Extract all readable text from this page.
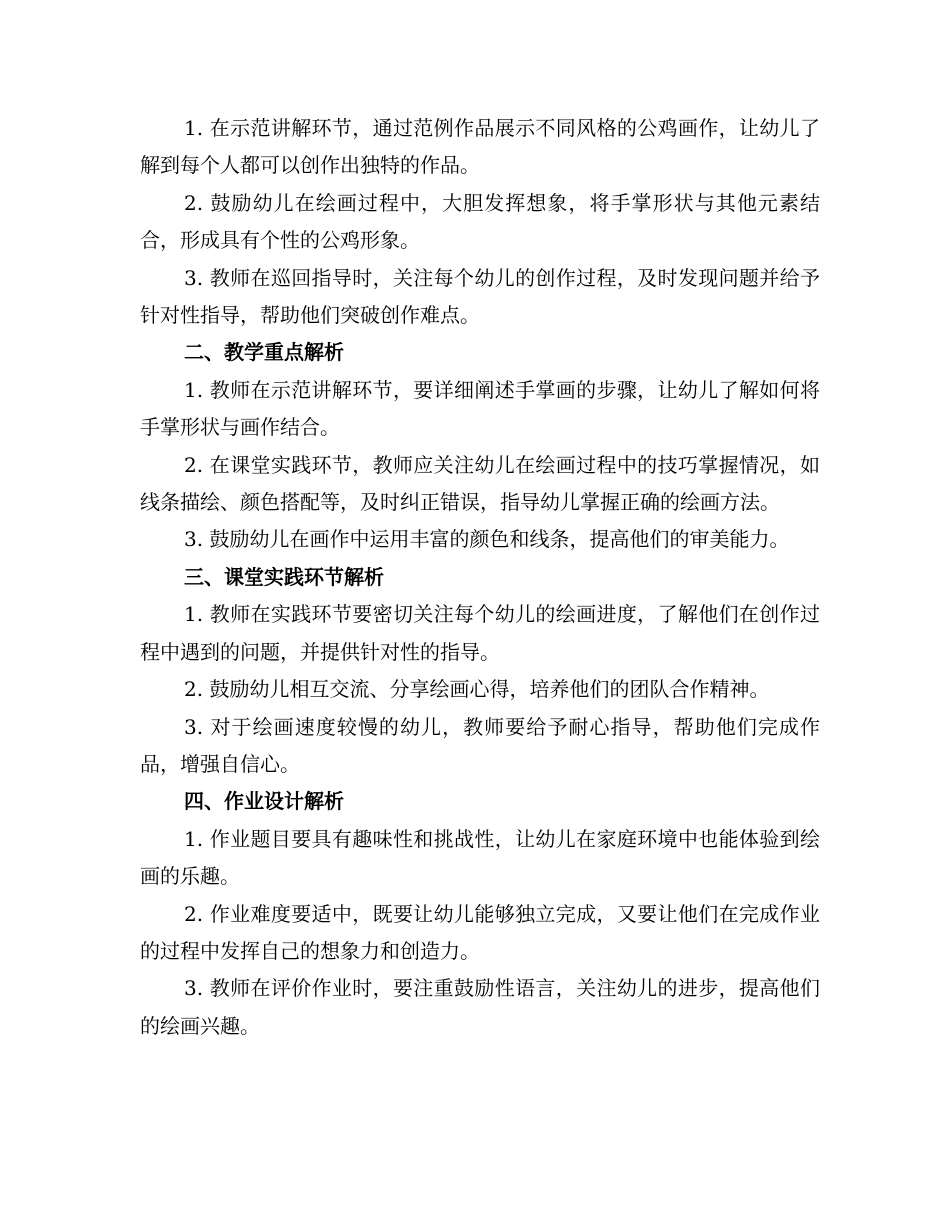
1. 在示范讲解环节，通过范例作品展示不同风格的公鸡画作，让幼儿了解到每个人都可以创作出独特的作品。

2. 鼓励幼儿在绘画过程中，大胆发挥想象，将手掌形状与其他元素结合，形成具有个性的公鸡形象。

3. 教师在巡回指导时，关注每个幼儿的创作过程，及时发现问题并给予针对性指导，帮助他们突破创作难点。

二、教学重点解析

1. 教师在示范讲解环节，要详细阐述手掌画的步骤，让幼儿了解如何将手掌形状与画作结合。

2. 在课堂实践环节，教师应关注幼儿在绘画过程中的技巧掌握情况，如线条描绘、颜色搭配等，及时纠正错误，指导幼儿掌握正确的绘画方法。

3. 鼓励幼儿在画作中运用丰富的颜色和线条，提高他们的审美能力。

三、课堂实践环节解析

1. 教师在实践环节要密切关注每个幼儿的绘画进度，了解他们在创作过程中遇到的问题，并提供针对性的指导。

2. 鼓励幼儿相互交流、分享绘画心得，培养他们的团队合作精神。

3. 对于绘画速度较慢的幼儿，教师要给予耐心指导，帮助他们完成作品，增强自信心。

四、作业设计解析

1. 作业题目要具有趣味性和挑战性，让幼儿在家庭环境中也能体验到绘画的乐趣。

2. 作业难度要适中，既要让幼儿能够独立完成，又要让他们在完成作业的过程中发挥自己的想象力和创造力。

3. 教师在评价作业时，要注重鼓励性语言，关注幼儿的进步，提高他们的绘画兴趣。
